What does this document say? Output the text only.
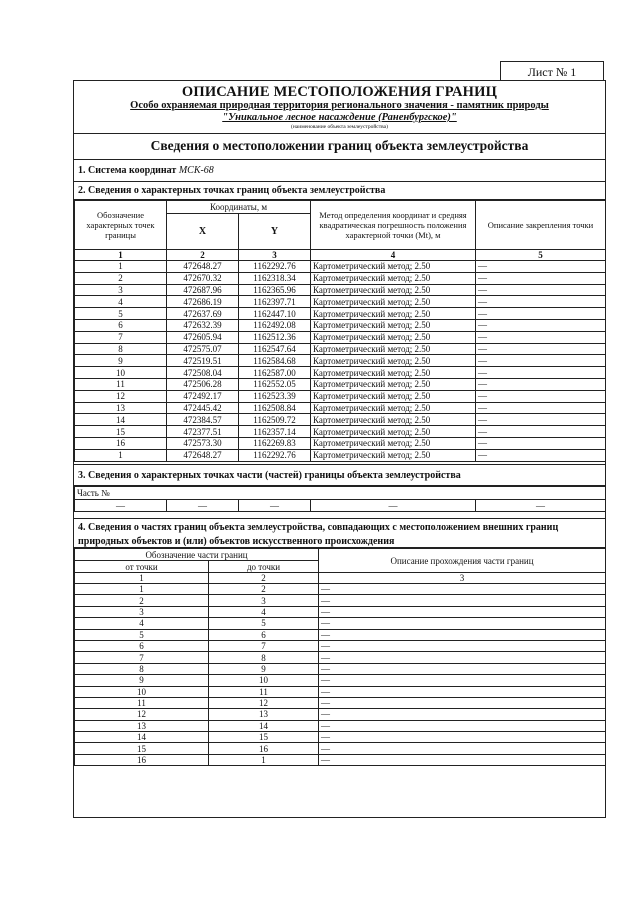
Лист № 1
ОПИСАНИЕ МЕСТОПОЛОЖЕНИЯ ГРАНИЦ
Особо охраняемая природная территория регионального значения - памятник природы
"Уникальное лесное насаждение (Раненбургское)"
(наименование объекта землеустройства)
Сведения о местоположении границ объекта землеустройства
1. Система координат МСК-68
2. Сведения о характерных точках границ объекта землеустройства
Обозначение характерных точек границы	Координаты, м		Метод определения координат и средняя квадратическая погрешность положения характерной точки (Mt), м	Описание закрепления точки
	X	Y		
1	2	3	4	5
1	472648.27	1162292.76	Картометрический метод; 2.50	—
2	472670.32	1162318.34	Картометрический метод; 2.50	—
3	472687.96	1162365.96	Картометрический метод; 2.50	—
4	472686.19	1162397.71	Картометрический метод; 2.50	—
5	472637.69	1162447.10	Картометрический метод; 2.50	—
6	472632.39	1162492.08	Картометрический метод; 2.50	—
7	472605.94	1162512.36	Картометрический метод; 2.50	—
8	472575.07	1162547.64	Картометрический метод; 2.50	—
9	472519.51	1162584.68	Картометрический метод; 2.50	—
10	472508.04	1162587.00	Картометрический метод; 2.50	—
11	472506.28	1162552.05	Картометрический метод; 2.50	—
12	472492.17	1162523.39	Картометрический метод; 2.50	—
13	472445.42	1162508.84	Картометрический метод; 2.50	—
14	472384.57	1162509.72	Картометрический метод; 2.50	—
15	472377.51	1162357.14	Картометрический метод; 2.50	—
16	472573.30	1162269.83	Картометрический метод; 2.50	—
1	472648.27	1162292.76	Картометрический метод; 2.50	—
3. Сведения о характерных точках части (частей) границы объекта землеустройства
Часть №
—	—	—	—	—
4. Сведения о частях границ объекта землеустройства, совпадающих с местоположением внешних границ природных объектов и (или) объектов искусственного происхождения
Обозначение части границ		Описание прохождения части границ
от точки	до точки	
1	2	3
1	2	—
2	3	—
3	4	—
4	5	—
5	6	—
6	7	—
7	8	—
8	9	—
9	10	—
10	11	—
11	12	—
12	13	—
13	14	—
14	15	—
15	16	—
16	1	—
